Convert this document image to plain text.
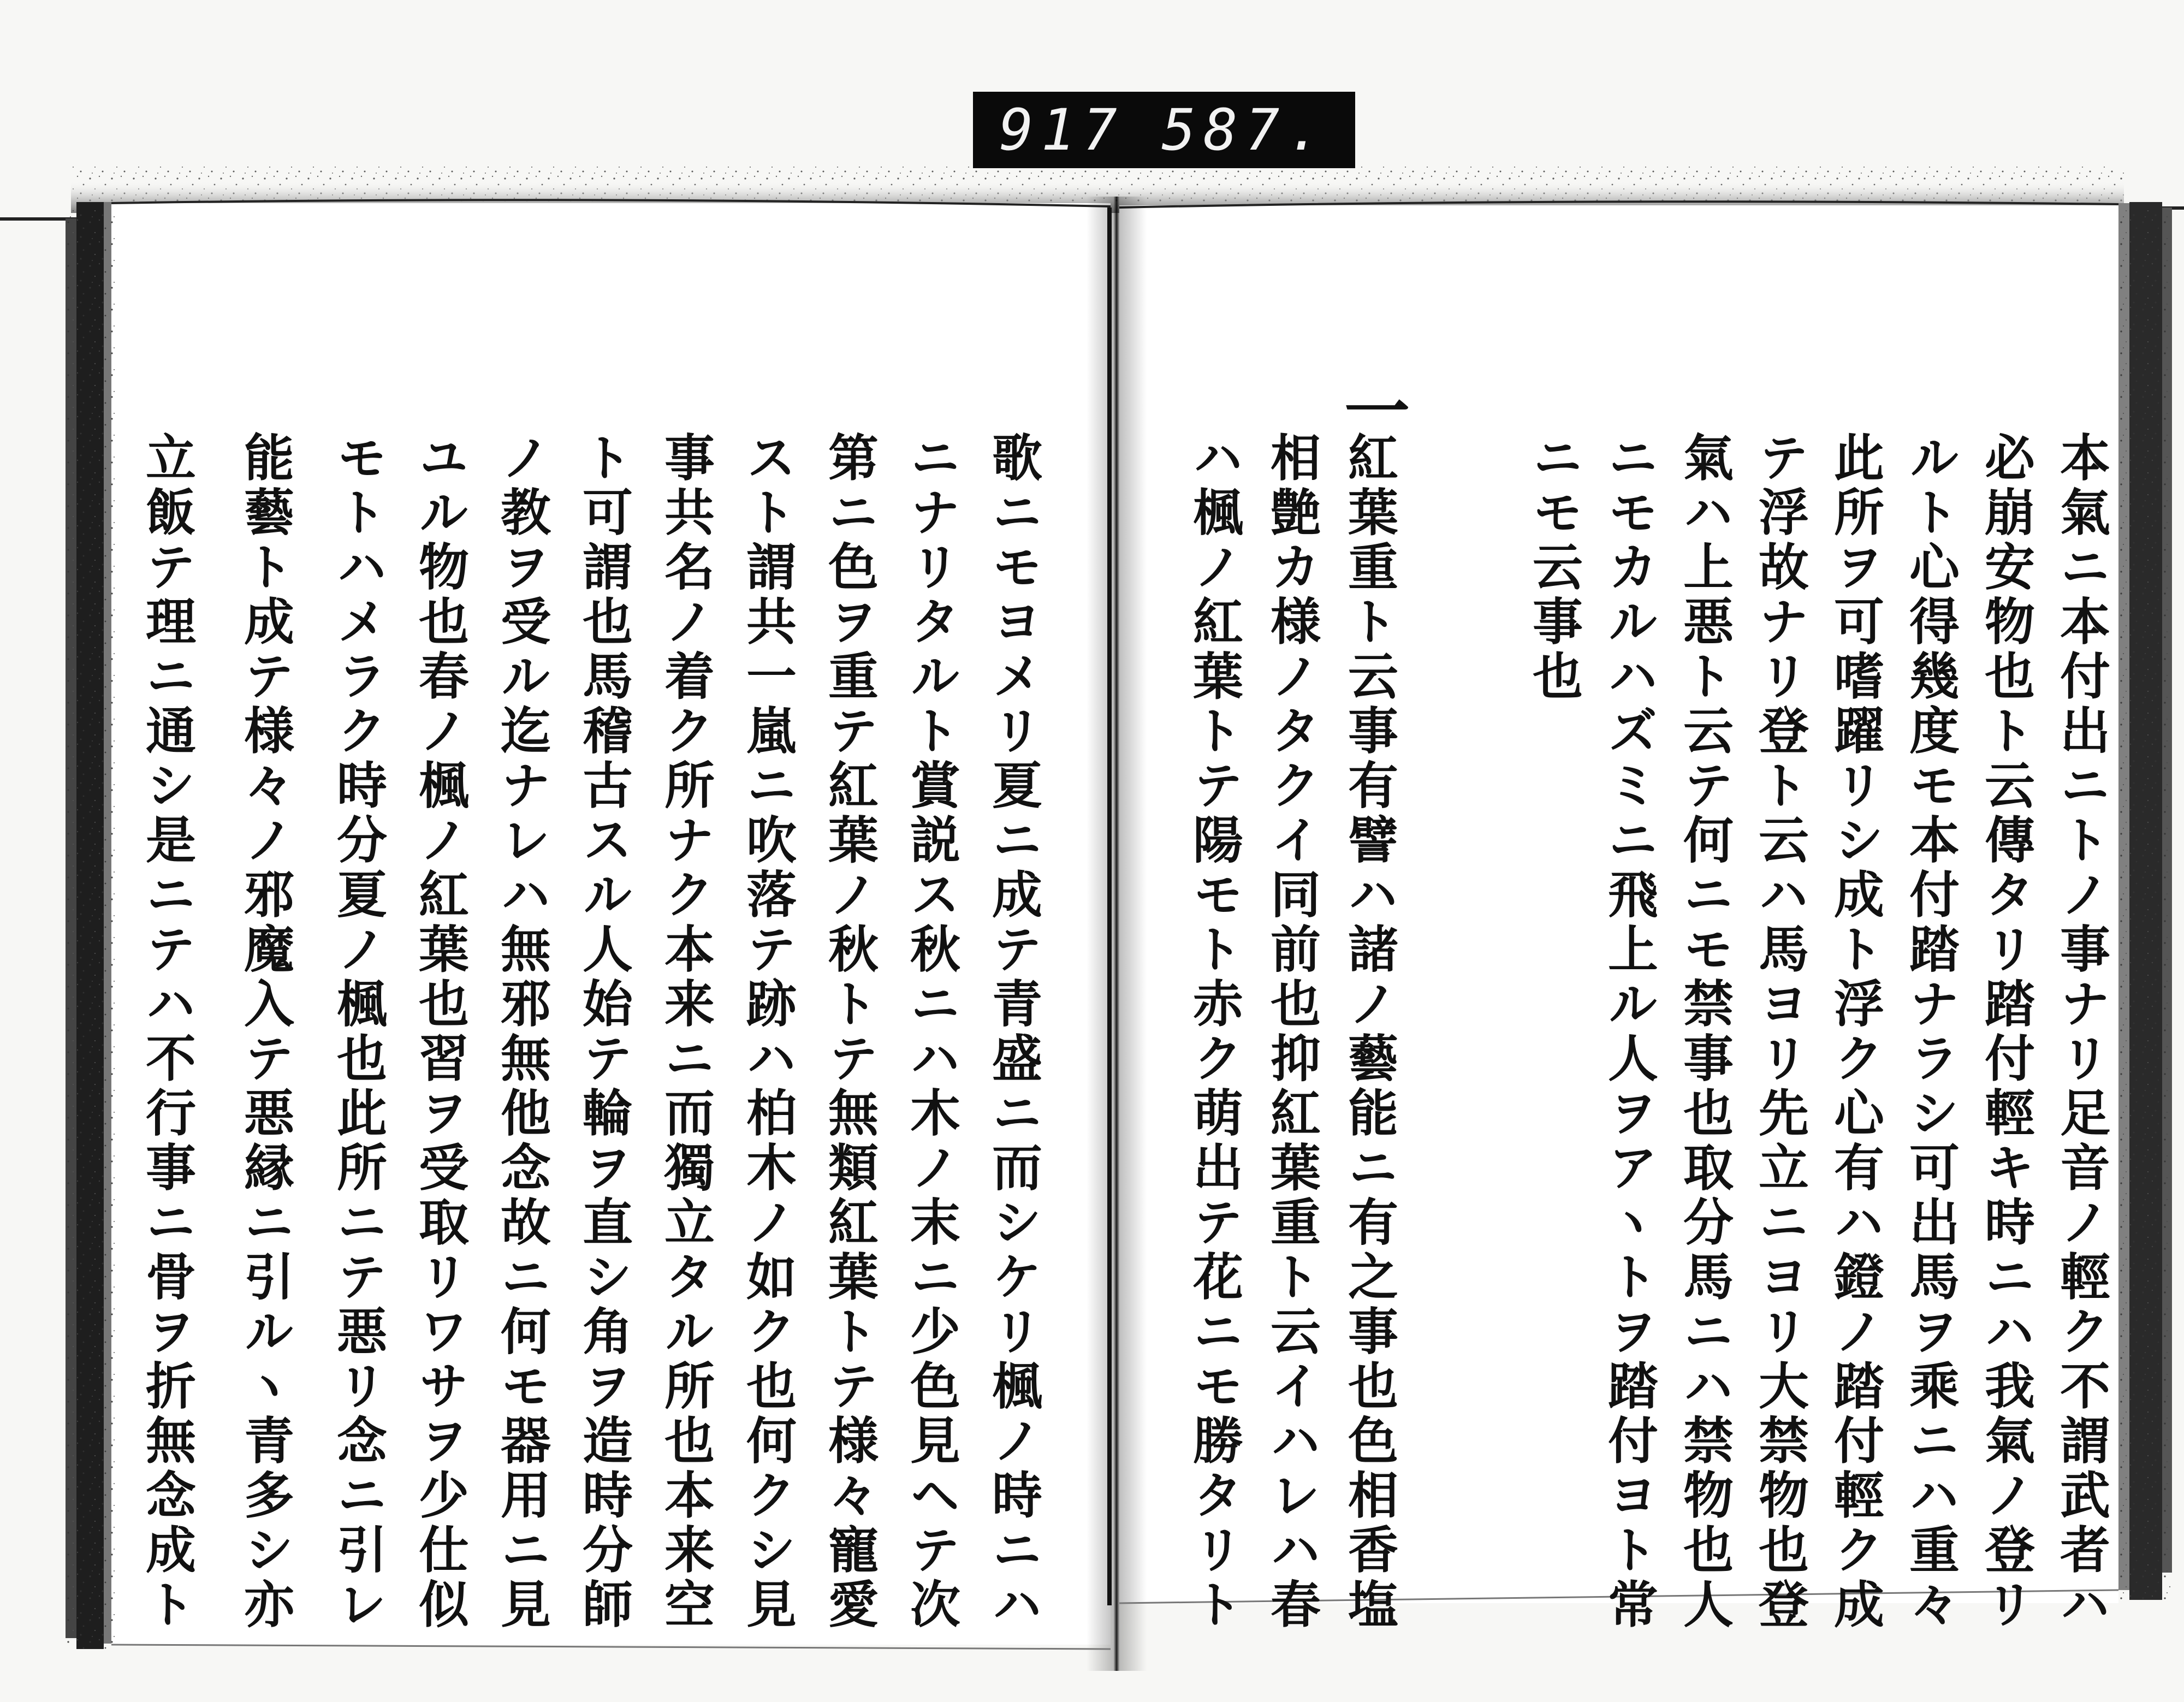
917 587.
本氣ニ本付出ニトノ事ナリ足音ノ輕ク不謂武者ハ
必崩安物也ト云傳タリ踏付輕キ時ニハ我氣ノ登リ
ルト心得幾度モ本付踏ナラシ可出馬ヲ乘ニハ重々
此所ヲ可嗜躍リシ成ト浮ク心有ハ鐙ノ踏付輕ク成
テ浮故ナリ登ト云ハ馬ヨリ先立ニヨリ大禁物也登
氣ハ上悪ト云テ何ニモ禁事也取分馬ニハ禁物也人
ニモカルハズミニ飛上ル人ヲアヽトヲ踏付ヨト常
ニモ云事也
一
紅葉重ト云事有譬ハ諸ノ藝能ニ有之事也色相香塩
相艶カ様ノタクイ同前也抑紅葉重ト云イハレハ春
ハ楓ノ紅葉トテ陽モト赤ク萌出テ花ニモ勝タリト
歌ニモヨメリ夏ニ成テ青盛ニ而シケリ楓ノ時ニハ
ニナリタルト賞説ス秋ニハ木ノ末ニ少色見ヘテ次
第ニ色ヲ重テ紅葉ノ秋トテ無類紅葉トテ様々寵愛
スト謂共一嵐ニ吹落テ跡ハ柏木ノ如ク也何クシ見
事共名ノ着ク所ナク本来ニ而獨立タル所也本来空
ト可謂也馬稽古スル人始テ輪ヲ直シ角ヲ造時分師
ノ教ヲ受ル迄ナレハ無邪無他念故ニ何モ器用ニ見
ユル物也春ノ楓ノ紅葉也習ヲ受取リワサヲ少仕似
モトハメラク時分夏ノ楓也此所ニテ悪リ念ニ引レ
能藝ト成テ様々ノ邪魔入テ悪縁ニ引ルヽ青多シ亦
立飯テ理ニ通シ是ニテハ不行事ニ骨ヲ折無念成ト
